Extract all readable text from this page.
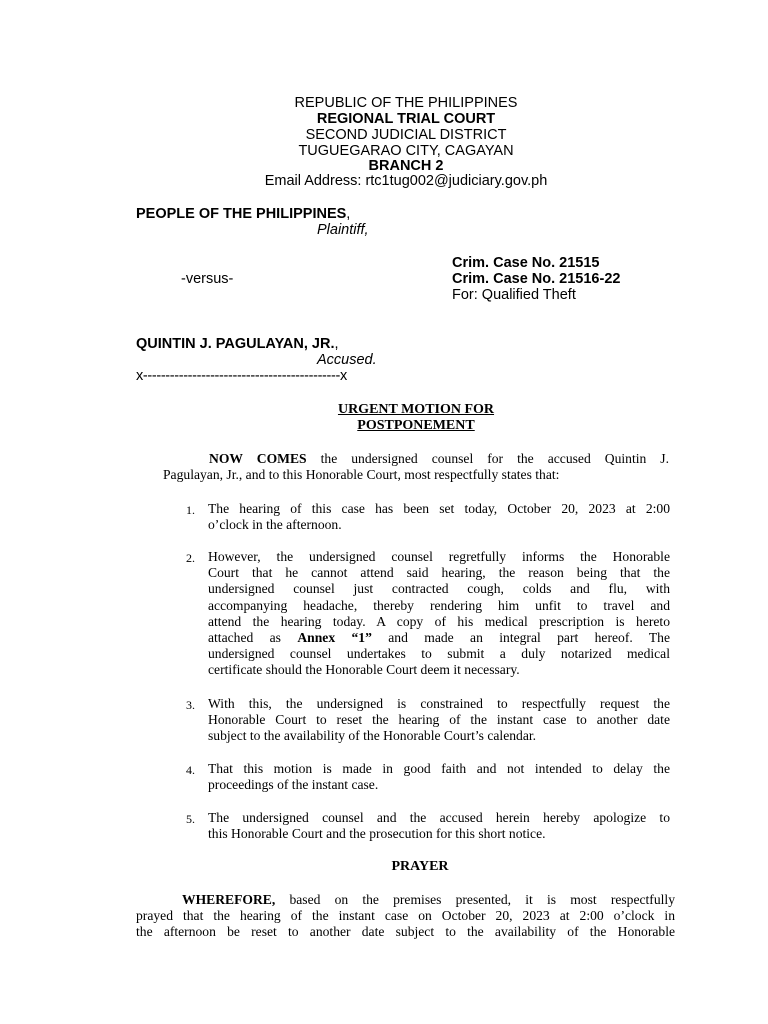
REPUBLIC OF THE PHILIPPINES
REGIONAL TRIAL COURT
SECOND JUDICIAL DISTRICT
TUGUEGARAO CITY, CAGAYAN
BRANCH 2
Email Address: rtc1tug002@judiciary.gov.ph
PEOPLE OF THE PHILIPPINES,
Plaintiff,
Crim. Case No. 21515
-versus-	Crim. Case No. 21516-22
For: Qualified Theft
QUINTIN J. PAGULAYAN, JR.,
Accused.
x--------------------------------------------x
URGENT MOTION FOR
POSTPONEMENT
NOW COMES the undersigned counsel for the accused Quintin J.
Pagulayan, Jr., and to this Honorable Court, most respectfully states that:
1. The hearing of this case has been set today, October 20, 2023 at 2:00
o’clock in the afternoon.
2. However, the undersigned counsel regretfully informs the Honorable
Court that he cannot attend said hearing, the reason being that the
undersigned counsel just contracted cough, colds and flu, with
accompanying headache, thereby rendering him unfit to travel and
attend the hearing today. A copy of his medical prescription is hereto
attached as Annex “1” and made an integral part hereof. The
undersigned counsel undertakes to submit a duly notarized medical
certificate should the Honorable Court deem it necessary.
3. With this, the undersigned is constrained to respectfully request the
Honorable Court to reset the hearing of the instant case to another date
subject to the availability of the Honorable Court’s calendar.
4. That this motion is made in good faith and not intended to delay the
proceedings of the instant case.
5. The undersigned counsel and the accused herein hereby apologize to
this Honorable Court and the prosecution for this short notice.
PRAYER
WHEREFORE, based on the premises presented, it is most respectfully
prayed that the hearing of the instant case on October 20, 2023 at 2:00 o’clock in
the afternoon be reset to another date subject to the availability of the Honorable
